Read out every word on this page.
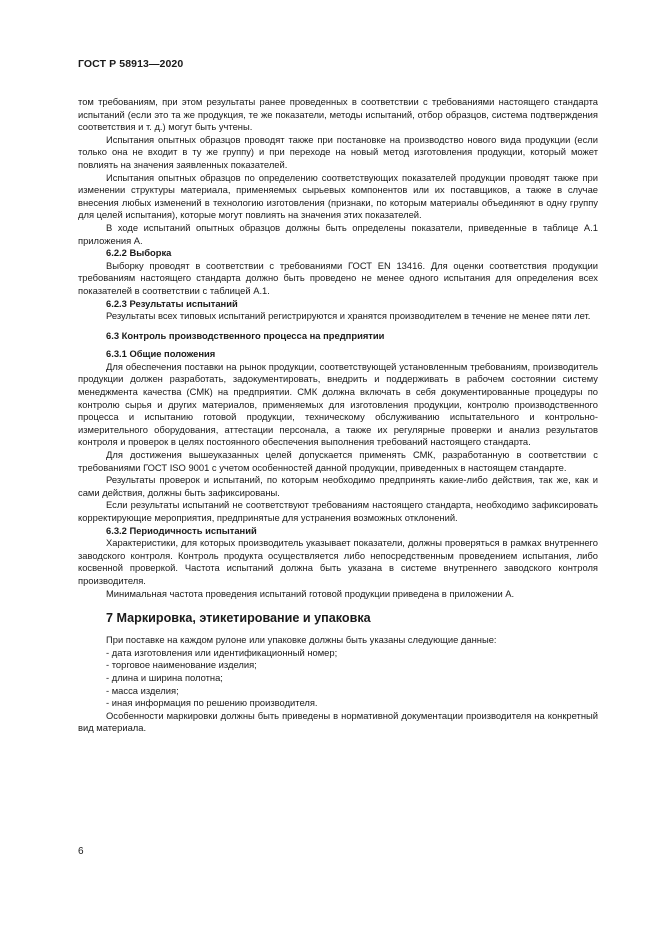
ГОСТ Р 58913—2020

том требованиям, при этом результаты ранее проведенных в соответствии с требованиями настоящего стандарта испытаний (если это та же продукция, те же показатели, методы испытаний, отбор образцов, система подтверждения соответствия и т. д.) могут быть учтены.

Испытания опытных образцов проводят также при постановке на производство нового вида продукции (если только она не входит в ту же группу) и при переходе на новый метод изготовления продукции, который может повлиять на значения заявленных показателей.

Испытания опытных образцов по определению соответствующих показателей продукции проводят также при изменении структуры материала, применяемых сырьевых компонентов или их поставщиков, а также в случае внесения любых изменений в технологию изготовления (признаки, по которым материалы объединяют в одну группу для целей испытания), которые могут повлиять на значения этих показателей.

В ходе испытаний опытных образцов должны быть определены показатели, приведенные в таблице А.1 приложения А.

6.2.2 Выборка

Выборку проводят в соответствии с требованиями ГОСТ EN 13416. Для оценки соответствия продукции требованиям настоящего стандарта должно быть проведено не менее одного испытания для определения всех показателей в соответствии с таблицей А.1.

6.2.3 Результаты испытаний

Результаты всех типовых испытаний регистрируются и хранятся производителем в течение не менее пяти лет.

6.3 Контроль производственного процесса на предприятии
6.3.1 Общие положения

Для обеспечения поставки на рынок продукции, соответствующей установленным требованиям, производитель продукции должен разработать, задокументировать, внедрить и поддерживать в рабочем состоянии систему менеджмента качества (СМК) на предприятии. СМК должна включать в себя документированные процедуры по контролю сырья и других материалов, применяемых для изготовления продукции, контролю производственного процесса и испытанию готовой продукции, техническому обслуживанию испытательного и контрольно-измерительного оборудования, аттестации персонала, а также их регулярные проверки и анализ результатов контроля и проверок в целях постоянного обеспечения выполнения требований настоящего стандарта.

Для достижения вышеуказанных целей допускается применять СМК, разработанную в соответствии с требованиями ГОСТ ISO 9001 с учетом особенностей данной продукции, приведенных в настоящем стандарте.

Результаты проверок и испытаний, по которым необходимо предпринять какие-либо действия, так же, как и сами действия, должны быть зафиксированы.

Если результаты испытаний не соответствуют требованиям настоящего стандарта, необходимо зафиксировать корректирующие мероприятия, предпринятые для устранения возможных отклонений.

6.3.2 Периодичность испытаний

Характеристики, для которых производитель указывает показатели, должны проверяться в рамках внутреннего заводского контроля. Контроль продукта осуществляется либо непосредственным проведением испытания, либо косвенной проверкой. Частота испытаний должна быть указана в системе внутреннего заводского контроля производителя.

Минимальная частота проведения испытаний готовой продукции приведена в приложении А.

7 Маркировка, этикетирование и упаковка

При поставке на каждом рулоне или упаковке должны быть указаны следующие данные:

- дата изготовления или идентификационный номер;
- торговое наименование изделия;
- длина и ширина полотна;
- масса изделия;
- иная информация по решению производителя.

Особенности маркировки должны быть приведены в нормативной документации производителя на конкретный вид материала.

6
